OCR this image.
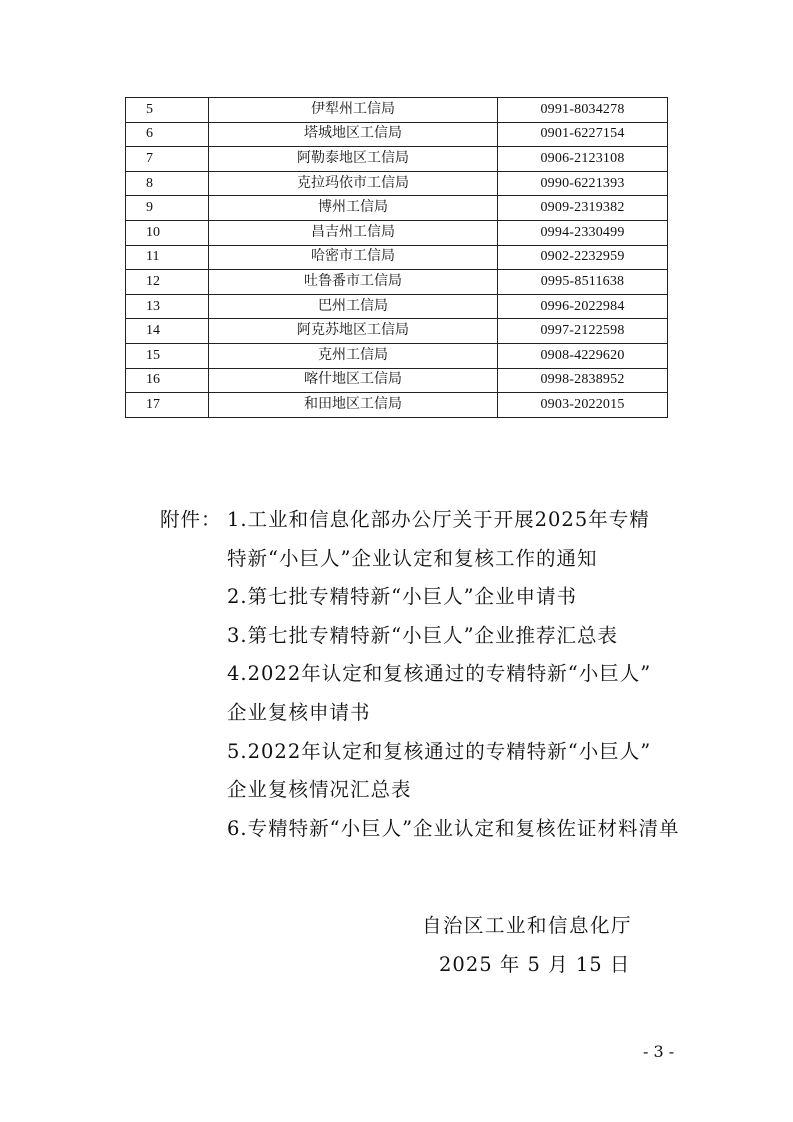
5	伊犁州工信局	0991-8034278
6	塔城地区工信局	0901-6227154
7	阿勒泰地区工信局	0906-2123108
8	克拉玛依市工信局	0990-6221393
9	博州工信局	0909-2319382
10	昌吉州工信局	0994-2330499
11	哈密市工信局	0902-2232959
12	吐鲁番市工信局	0995-8511638
13	巴州工信局	0996-2022984
14	阿克苏地区工信局	0997-2122598
15	克州工信局	0908-4229620
16	喀什地区工信局	0998-2838952
17	和田地区工信局	0903-2022015
附件： 1.工业和信息化部办公厅关于开展2025年专精
特新“小巨人”企业认定和复核工作的通知
2.第七批专精特新“小巨人”企业申请书
3.第七批专精特新“小巨人”企业推荐汇总表
4.2022年认定和复核通过的专精特新“小巨人”
企业复核申请书
5.2022年认定和复核通过的专精特新“小巨人”
企业复核情况汇总表
6.专精特新“小巨人”企业认定和复核佐证材料清单
自治区工业和信息化厅
2025 年 5 月 15 日
- 3 -
